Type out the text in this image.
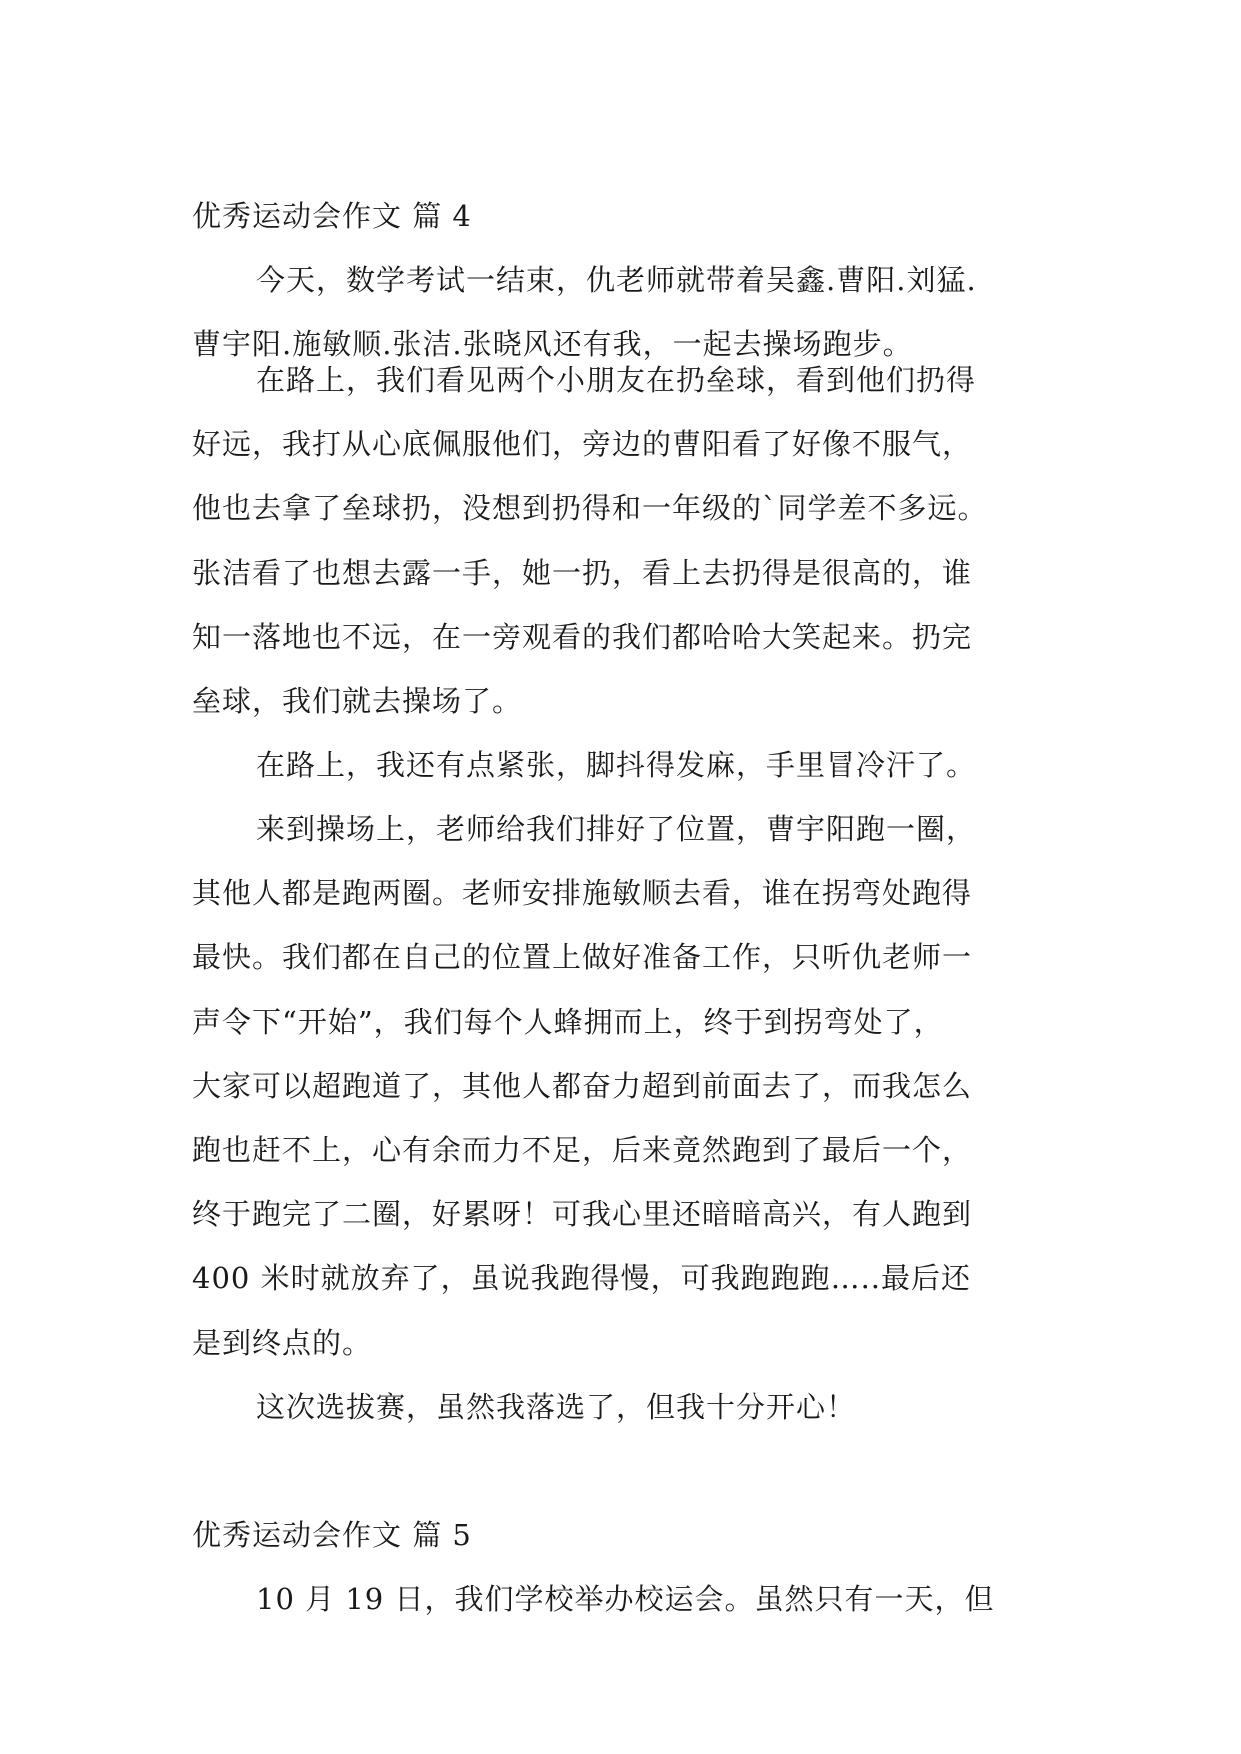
优秀运动会作文 篇 4
今天，数学考试一结束，仇老师就带着吴鑫.曹阳.刘猛.
曹宇阳.施敏顺.张洁.张晓风还有我，一起去操场跑步。
在路上，我们看见两个小朋友在扔垒球，看到他们扔得
好远，我打从心底佩服他们，旁边的曹阳看了好像不服气，
他也去拿了垒球扔，没想到扔得和一年级的`同学差不多远。
张洁看了也想去露一手，她一扔，看上去扔得是很高的，谁
知一落地也不远，在一旁观看的我们都哈哈大笑起来。扔完
垒球，我们就去操场了。
在路上，我还有点紧张，脚抖得发麻，手里冒冷汗了。
来到操场上，老师给我们排好了位置，曹宇阳跑一圈，
其他人都是跑两圈。老师安排施敏顺去看，谁在拐弯处跑得
最快。我们都在自己的位置上做好准备工作，只听仇老师一
声令下“开始”，我们每个人蜂拥而上，终于到拐弯处了，
大家可以超跑道了，其他人都奋力超到前面去了，而我怎么
跑也赶不上，心有余而力不足，后来竟然跑到了最后一个，
终于跑完了二圈，好累呀！可我心里还暗暗高兴，有人跑到
400 米时就放弃了，虽说我跑得慢，可我跑跑跑…..最后还
是到终点的。
这次选拔赛，虽然我落选了，但我十分开心！
优秀运动会作文 篇 5
10 月 19 日，我们学校举办校运会。虽然只有一天，但
